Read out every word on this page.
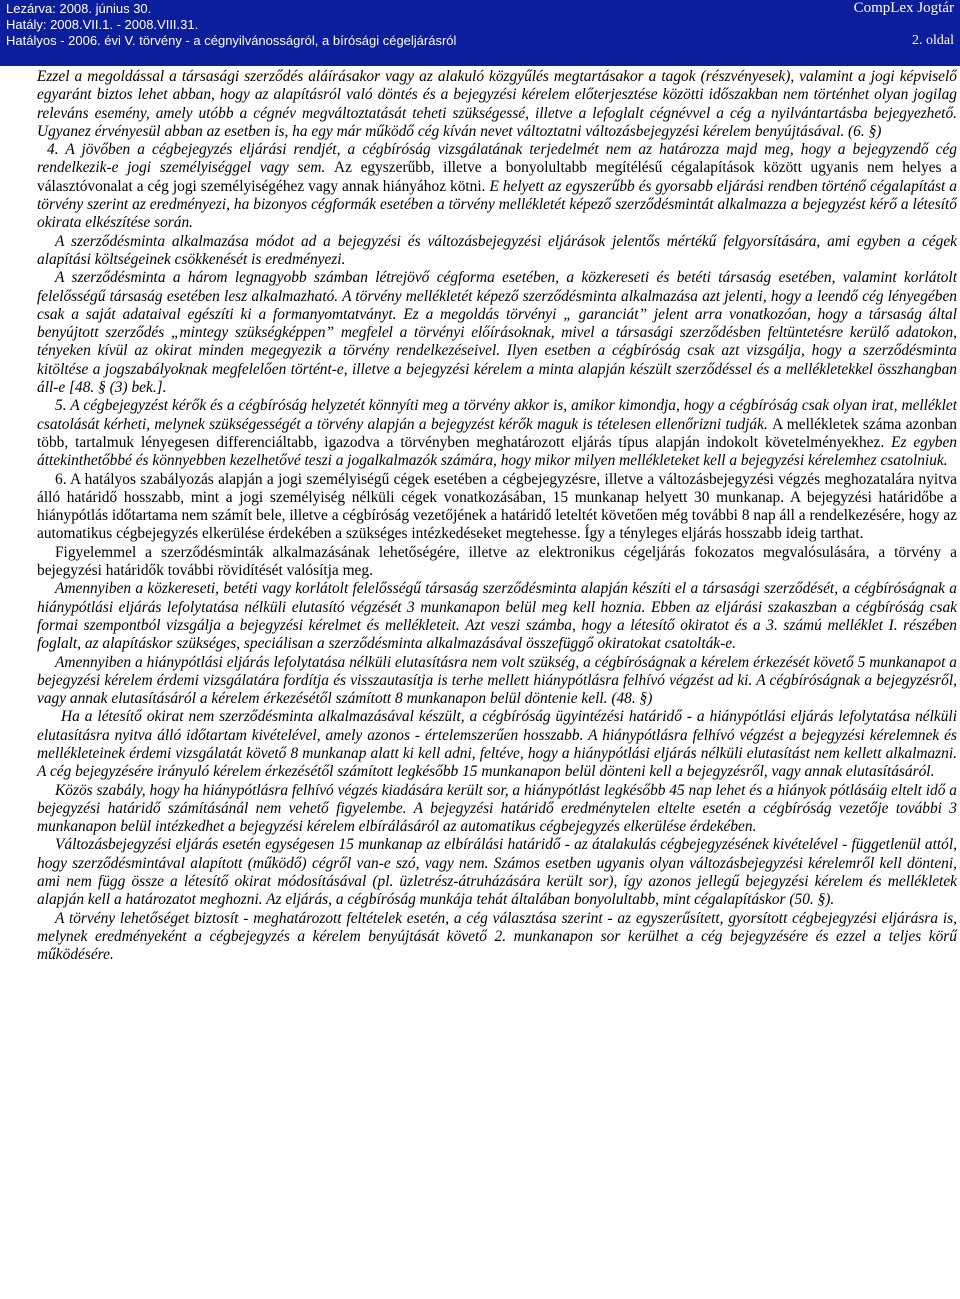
Lezárva: 2008. június 30.
Hatály: 2008.VII.1. - 2008.VIII.31.
Hatályos - 2006. évi V. törvény - a cégnyilvánosságról, a bírósági cégeljárásról
CompLex Jogtár
2. oldal

Ezzel a megoldással a társasági szerződés aláírásakor vagy az alakuló közgyűlés megtartásakor a tagok (részvényesek), valamint a jogi képviselő egyaránt biztos lehet abban, hogy az alapításról való döntés és a bejegyzési kérelem előterjesztése közötti időszakban nem történhet olyan jogilag releváns esemény, amely utóbb a cégnév megváltoztatását teheti szükségessé, illetve a lefoglalt cégnévvel a cég a nyilvántartásba bejegyezhető. Ugyanez érvényesül abban az esetben is, ha egy már működő cég kíván nevet változtatni változásbejegyzési kérelem benyújtásával. (6. §)

4. A jövőben a cégbejegyzés eljárási rendjét, a cégbíróság vizsgálatának terjedelmét nem az határozza majd meg, hogy a bejegyzendő cég rendelkezik-e jogi személyiséggel vagy sem. Az egyszerűbb, illetve a bonyolultabb megítélésű cégalapítások között ugyanis nem helyes a választóvonalat a cég jogi személyiségéhez vagy annak hiányához kötni. E helyett az egyszerűbb és gyorsabb eljárási rendben történő cégalapítást a törvény szerint az eredményezi, ha bizonyos cégformák esetében a törvény mellékletét képező szerződésmintát alkalmazza a bejegyzést kérő a létesítő okirata elkészítése során.

A szerződésminta alkalmazása módot ad a bejegyzési és változásbejegyzési eljárások jelentős mértékű felgyorsítására, ami egyben a cégek alapítási költségeinek csökkenését is eredményezi.

A szerződésminta a három legnagyobb számban létrejövő cégforma esetében, a közkereseti és betéti társaság esetében, valamint korlátolt felelősségű társaság esetében lesz alkalmazható. A törvény mellékletét képező szerződésminta alkalmazása azt jelenti, hogy a leendő cég lényegében csak a saját adataival egészíti ki a formanyomtatványt. Ez a megoldás törvényi „ garanciát” jelent arra vonatkozóan, hogy a társaság által benyújtott szerződés „mintegy szükségképpen” megfelel a törvényi előírásoknak, mivel a társasági szerződésben feltüntetésre kerülő adatokon, tényeken kívül az okirat minden megegyezik a törvény rendelkezéseivel. Ilyen esetben a cégbíróság csak azt vizsgálja, hogy a szerződésminta kitöltése a jogszabályoknak megfelelően történt-e, illetve a bejegyzési kérelem a minta alapján készült szerződéssel és a mellékletekkel összhangban áll-e [48. § (3) bek.].

5. A cégbejegyzést kérők és a cégbíróság helyzetét könnyíti meg a törvény akkor is, amikor kimondja, hogy a cégbíróság csak olyan irat, melléklet csatolását kérheti, melynek szükségességét a törvény alapján a bejegyzést kérők maguk is tételesen ellenőrizni tudják. A mellékletek száma azonban több, tartalmuk lényegesen differenciáltabb, igazodva a törvényben meghatározott eljárás típus alapján indokolt követelményekhez. Ez egyben áttekinthetőbbé és könnyebben kezelhetővé teszi a jogalkalmazók számára, hogy mikor milyen mellékleteket kell a bejegyzési kérelemhez csatolniuk.

6. A hatályos szabályozás alapján a jogi személyiségű cégek esetében a cégbejegyzésre, illetve a változásbejegyzési végzés meghozatalára nyitva álló határidő hosszabb, mint a jogi személyiség nélküli cégek vonatkozásában, 15 munkanap helyett 30 munkanap. A bejegyzési határidőbe a hiánypótlás időtartama nem számít bele, illetve a cégbíróság vezetőjének a határidő leteltét követően még további 8 nap áll a rendelkezésére, hogy az automatikus cégbejegyzés elkerülése érdekében a szükséges intézkedéseket megtehesse. Így a tényleges eljárás hosszabb ideig tarthat.

Figyelemmel a szerződésminták alkalmazásának lehetőségére, illetve az elektronikus cégeljárás fokozatos megvalósulására, a törvény a bejegyzési határidők további rövidítését valósítja meg.

Amennyiben a közkereseti, betéti vagy korlátolt felelősségű társaság szerződésminta alapján készíti el a társasági szerződését, a cégbíróságnak a hiánypótlási eljárás lefolytatása nélküli elutasító végzését 3 munkanapon belül meg kell hoznia. Ebben az eljárási szakaszban a cégbíróság csak formai szempontból vizsgálja a bejegyzési kérelmet és mellékleteit. Azt veszi számba, hogy a létesítő okiratot és a 3. számú melléklet I. részében foglalt, az alapításkor szükséges, speciálisan a szerződésminta alkalmazásával összefüggő okiratokat csatolták-e.

Amennyiben a hiánypótlási eljárás lefolytatása nélküli elutasításra nem volt szükség, a cégbíróságnak a kérelem érkezését követő 5 munkanapot a bejegyzési kérelem érdemi vizsgálatára fordítja és visszautasítja is terhe mellett hiánypótlásra felhívó végzést ad ki. A cégbíróságnak a bejegyzésről, vagy annak elutasításáról a kérelem érkezésétől számított 8 munkanapon belül döntenie kell. (48. §)

Ha a létesítő okirat nem szerződésminta alkalmazásával készült, a cégbíróság ügyintézési határidő - a hiánypótlási eljárás lefolytatása nélküli elutasításra nyitva álló időtartam kivételével, amely azonos - értelemszerűen hosszabb. A hiánypótlásra felhívó végzést a bejegyzési kérelemnek és mellékleteinek érdemi vizsgálatát követő 8 munkanap alatt ki kell adni, feltéve, hogy a hiánypótlási eljárás nélküli elutasítást nem kellett alkalmazni. A cég bejegyzésére irányuló kérelem érkezésétől számított legkésőbb 15 munkanapon belül dönteni kell a bejegyzésről, vagy annak elutasításáról.

Közös szabály, hogy ha hiánypótlásra felhívó végzés kiadására került sor, a hiánypótlást legkésőbb 45 nap lehet és a hiányok pótlásáig eltelt idő a bejegyzési határidő számításánál nem vehető figyelembe. A bejegyzési határidő eredménytelen eltelte esetén a cégbíróság vezetője további 3 munkanapon belül intézkedhet a bejegyzési kérelem elbírálásáról az automatikus cégbejegyzés elkerülése érdekében.

Változásbejegyzési eljárás esetén egységesen 15 munkanap az elbírálási határidő - az átalakulás cégbejegyzésének kivételével - függetlenül attól, hogy szerződésmintával alapított (működő) cégről van-e szó, vagy nem. Számos esetben ugyanis olyan változásbejegyzési kérelemről kell dönteni, ami nem függ össze a létesítő okirat módosításával (pl. üzletrész-átruházására került sor), így azonos jellegű bejegyzési kérelem és mellékletek alapján kell a határozatot meghozni. Az eljárás, a cégbíróság munkája tehát általában bonyolultabb, mint cégalapításkor (50. §).

A törvény lehetőséget biztosít - meghatározott feltételek esetén, a cég választása szerint - az egyszerűsített, gyorsított cégbejegyzési eljárásra is, melynek eredményeként a cégbejegyzés a kérelem benyújtását követő 2. munkanapon sor kerülhet a cég bejegyzésére és ezzel a teljes körű működésére.
